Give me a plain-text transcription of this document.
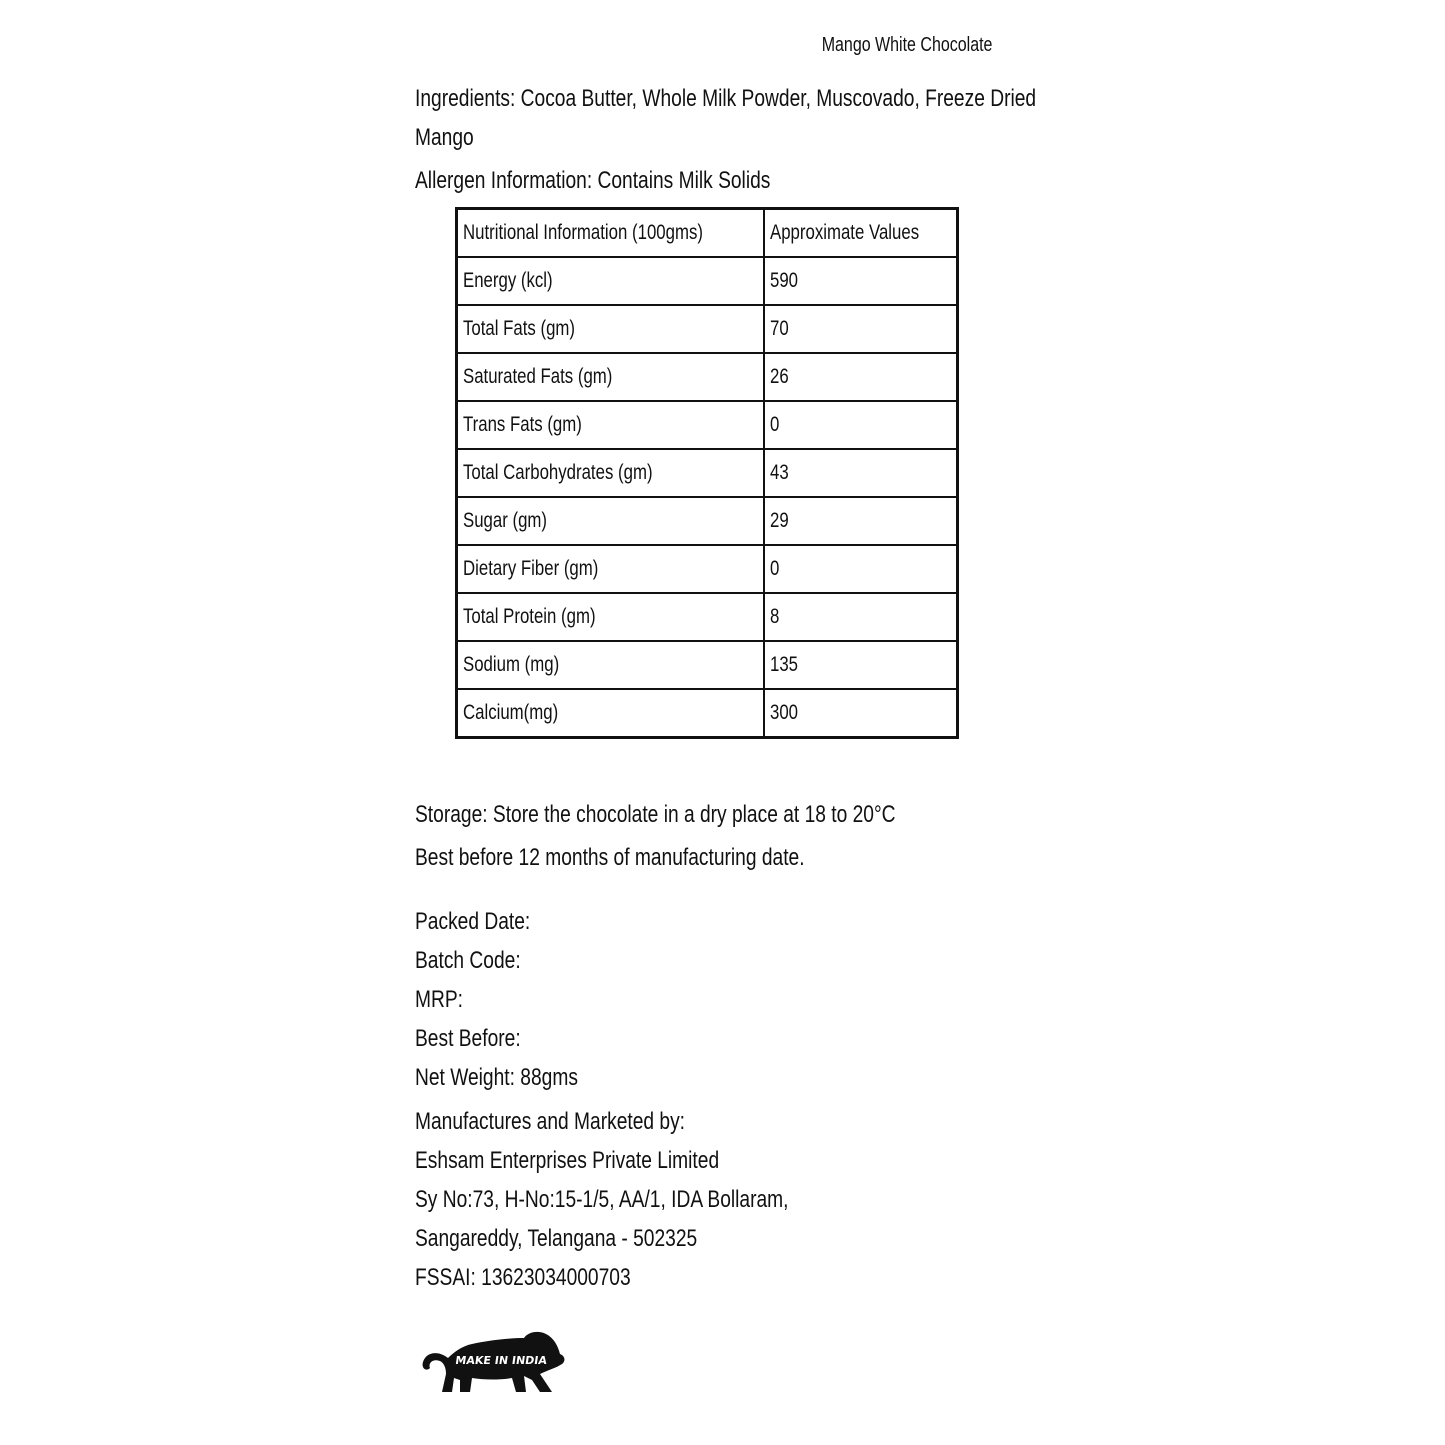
Mango White Chocolate
Ingredients: Cocoa Butter, Whole Milk Powder, Muscovado, Freeze Dried
Mango
Allergen Information: Contains Milk Solids
Nutritional Information (100gms)	Approximate Values

Energy (kcl)	590

Total Fats (gm)	70

Saturated Fats (gm)	26

Trans Fats (gm)	0

Total Carbohydrates (gm)	43

Sugar (gm)	29

Dietary Fiber (gm)	0

Total Protein (gm)	8

Sodium (mg)	135

Calcium(mg)	300
Storage: Store the chocolate in a dry place at 18 to 20°C
Best before 12 months of manufacturing date.
Packed Date:
Batch Code:
MRP:
Best Before:
Net Weight: 88gms
Manufactures and Marketed by:
Eshsam Enterprises Private Limited
Sy No:73, H-No:15-1/5, AA/1, IDA Bollaram,
Sangareddy, Telangana - 502325
FSSAI: 13623034000703
MAKE IN INDIA
